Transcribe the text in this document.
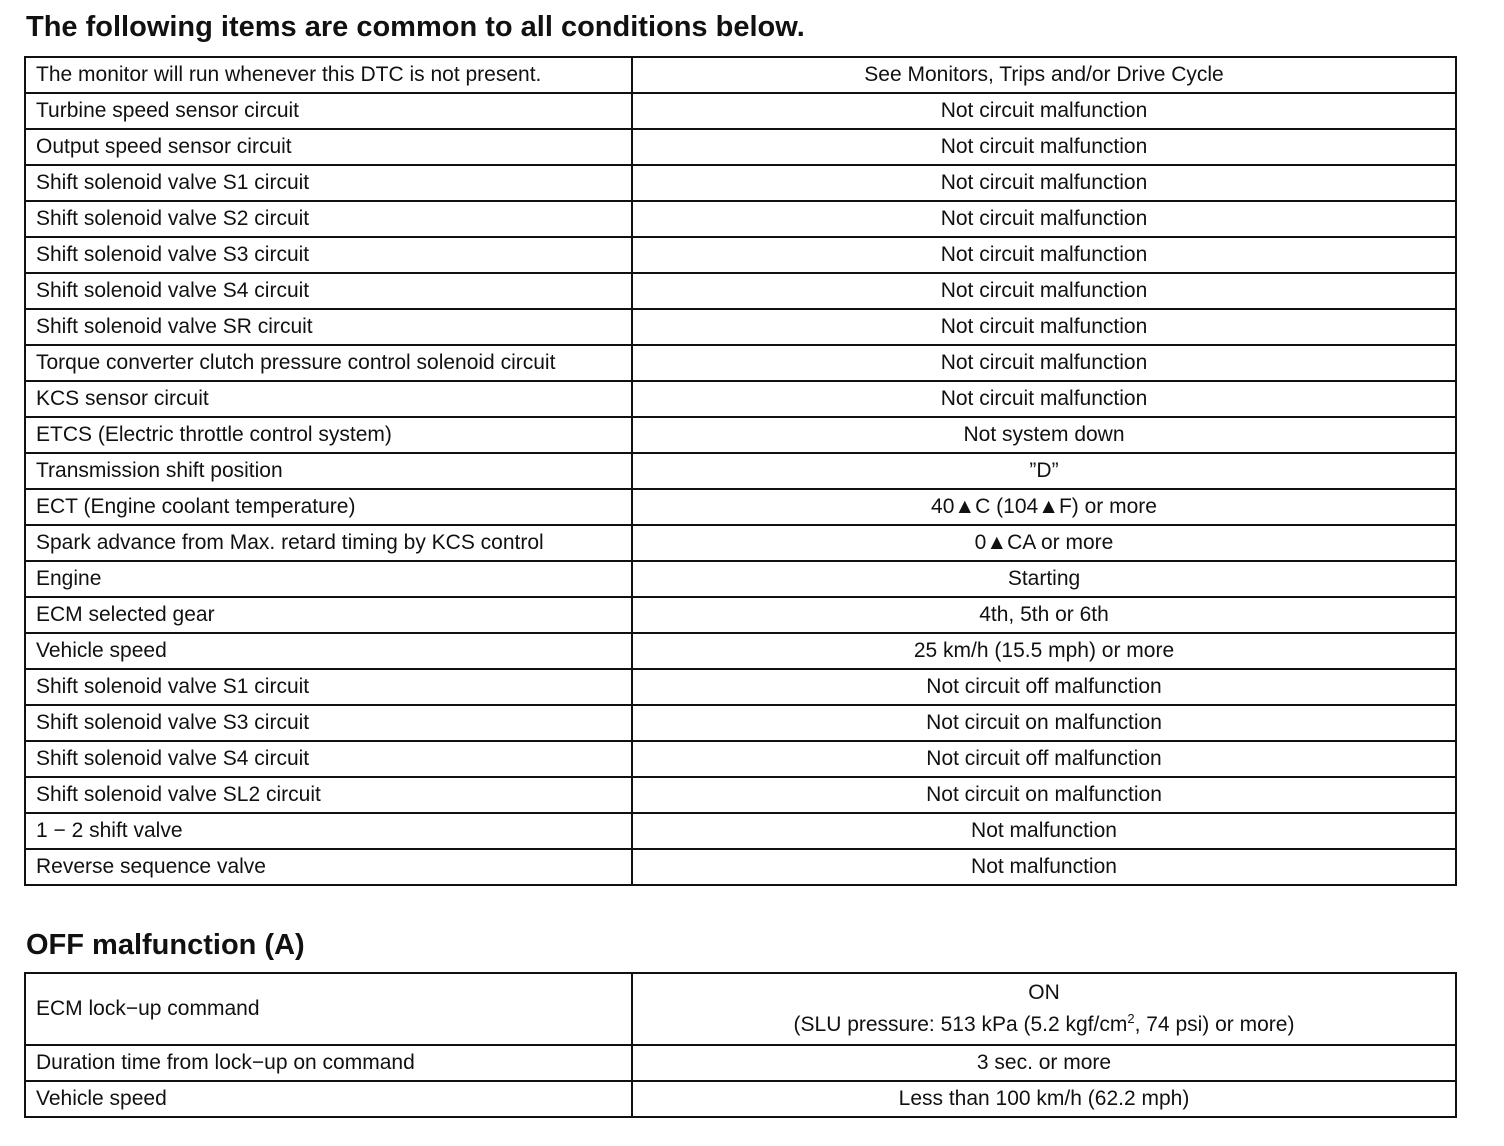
The following items are common to all conditions below.
The monitor will run whenever this DTC is not present.	See Monitors, Trips and/or Drive Cycle
Turbine speed sensor circuit	Not circuit malfunction
Output speed sensor circuit	Not circuit malfunction
Shift solenoid valve S1 circuit	Not circuit malfunction
Shift solenoid valve S2 circuit	Not circuit malfunction
Shift solenoid valve S3 circuit	Not circuit malfunction
Shift solenoid valve S4 circuit	Not circuit malfunction
Shift solenoid valve SR circuit	Not circuit malfunction
Torque converter clutch pressure control solenoid circuit	Not circuit malfunction
KCS sensor circuit	Not circuit malfunction
ETCS (Electric throttle control system)	Not system down
Transmission shift position	”D”
ECT (Engine coolant temperature)	40▲C (104▲F) or more
Spark advance from Max. retard timing by KCS control	0▲CA or more
Engine	Starting
ECM selected gear	4th, 5th or 6th
Vehicle speed	25 km/h (15.5 mph) or more
Shift solenoid valve S1 circuit	Not circuit off malfunction
Shift solenoid valve S3 circuit	Not circuit on malfunction
Shift solenoid valve S4 circuit	Not circuit off malfunction
Shift solenoid valve SL2 circuit	Not circuit on malfunction
1 − 2 shift valve	Not malfunction
Reverse sequence valve	Not malfunction
OFF malfunction (A)
ECM lock−up command	ON
(SLU pressure: 513 kPa (5.2 kgf/$cm^2$, 74 psi) or more)

Duration time from lock−up on command	3 sec. or more
Vehicle speed	Less than 100 km/h (62.2 mph)
